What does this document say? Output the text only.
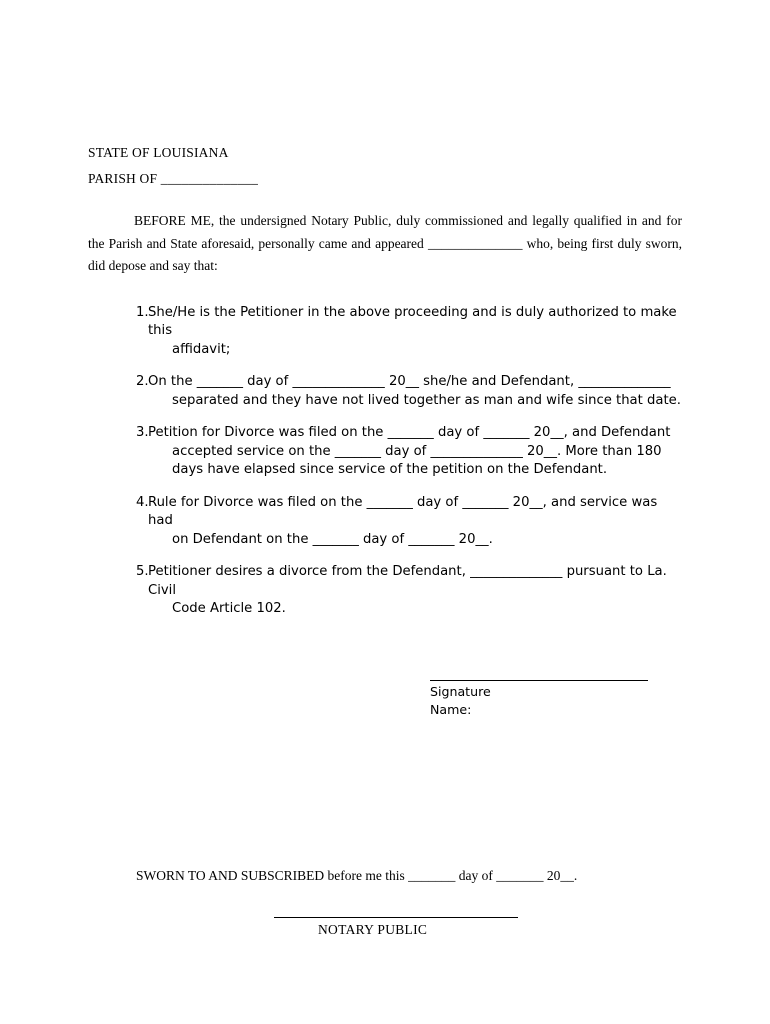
STATE OF LOUISIANA
PARISH OF ______________

BEFORE ME, the undersigned Notary Public, duly commissioned and legally qualified in and for the Parish and State aforesaid, personally came and appeared ______________ who, being first duly sworn, did depose and say that:

1. She/He is the Petitioner in the above proceeding and is duly authorized to make this
affidavit;
2. On the _______ day of ______________ 20__ she/he and Defendant, ______________
separated and they have not lived together as man and wife since that date.
3. Petition for Divorce was filed on the _______ day of _______ 20__, and Defendant
accepted service on the _______ day of ______________ 20__. More than 180
days have elapsed since service of the petition on the Defendant.
4. Rule for Divorce was filed on the _______ day of _______ 20__, and service was had
on Defendant on the _______ day of _______ 20__.
5. Petitioner desires a divorce from the Defendant, ______________ pursuant to La. Civil
Code Article 102.
Signature
Name:
SWORN TO AND SUBSCRIBED before me this _______ day of _______ 20__.
NOTARY PUBLIC
